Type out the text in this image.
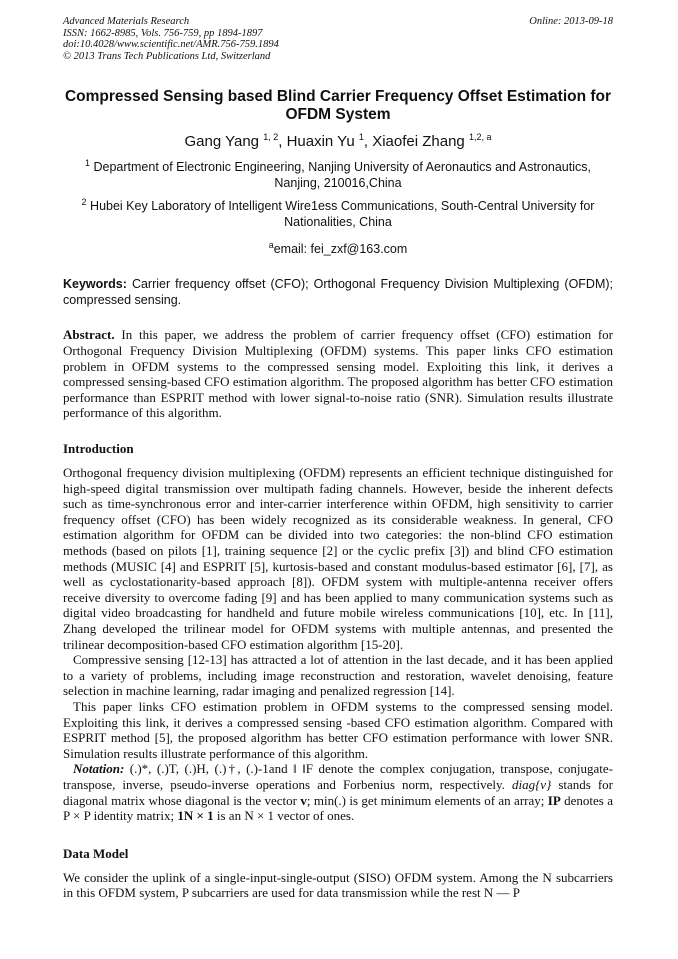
Advanced Materials Research
ISSN: 1662-8985, Vols. 756-759, pp 1894-1897
doi:10.4028/www.scientific.net/AMR.756-759.1894
© 2013 Trans Tech Publications Ltd, Switzerland
Online: 2013-09-18
Compressed Sensing based Blind Carrier Frequency Offset Estimation for OFDM System
Gang Yang $^{1, 2}$, Huaxin Yu $^1$, Xiaofei Zhang $^{1,2, a}$
$^1$ Department of Electronic Engineering, Nanjing University of Aeronautics and Astronautics, Nanjing, 210016,China
$^2$ Hubei Key Laboratory of Intelligent Wire1ess Communications, South-Central University for Nationalities, China
$^a$email: fei_zxf@163.com
Keywords: Carrier frequency offset (CFO); Orthogonal Frequency Division Multiplexing (OFDM); compressed sensing.
Abstract. In this paper, we address the problem of carrier frequency offset (CFO) estimation for Orthogonal Frequency Division Multiplexing (OFDM) systems. This paper links CFO estimation problem in OFDM systems to the compressed sensing model. Exploiting this link, it derives a compressed sensing-based CFO estimation algorithm. The proposed algorithm has better CFO estimation performance than ESPRIT method with lower signal-to-noise ratio (SNR). Simulation results illustrate performance of this algorithm.
Introduction
Orthogonal frequency division multiplexing (OFDM) represents an efficient technique distinguished for high-speed digital transmission over multipath fading channels. However, beside the inherent defects such as time-synchronous error and inter-carrier interference within OFDM, high sensitivity to carrier frequency offset (CFO) has been widely recognized as its considerable weakness. In general, CFO estimation algorithm for OFDM can be divided into two categories: the non-blind CFO estimation methods (based on pilots [1], training sequence [2] or the cyclic prefix [3]) and blind CFO estimation methods (MUSIC [4] and ESPRIT [5], kurtosis-based and constant modulus-based estimator [6], [7], as well as cyclostationarity-based approach [8]). OFDM system with multiple-antenna receiver offers receive diversity to overcome fading [9] and has been applied to many communication systems such as digital video broadcasting for handheld and future mobile wireless communications [10], etc. In [11], Zhang developed the trilinear model for OFDM systems with multiple antennas, and presented the trilinear decomposition-based CFO estimation algorithm [15-20].
Compressive sensing [12-13] has attracted a lot of attention in the last decade, and it has been applied to a variety of problems, including image reconstruction and restoration, wavelet denoising, feature selection in machine learning, radar imaging and penalized regression [14].
This paper links CFO estimation problem in OFDM systems to the compressed sensing model. Exploiting this link, it derives a compressed sensing -based CFO estimation algorithm. Compared with ESPRIT method [5], the proposed algorithm has better CFO estimation performance with lower SNR. Simulation results illustrate performance of this algorithm.
Notation: (.)*, (.)T, (.)H, (.)†, (.)-1and ‖ ‖F denote the complex conjugation, transpose, conjugate-transpose, inverse, pseudo-inverse operations and Forbenius norm, respectively. diag{v} stands for diagonal matrix whose diagonal is the vector v; min(.) is get minimum elements of an array; IP denotes a P × P identity matrix; 1N × 1 is an N × 1 vector of ones.
Data Model
We consider the uplink of a single-input-single-output (SISO) OFDM system. Among the N subcarriers in this OFDM system, P subcarriers are used for data transmission while the rest N — P
